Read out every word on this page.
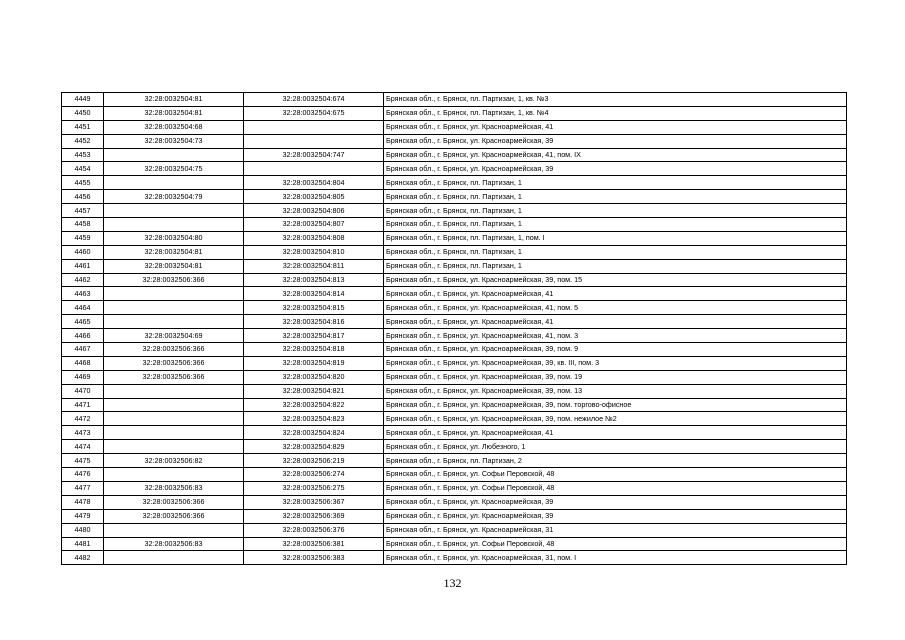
4449	32:28:0032504:81	32:28:0032504:674	Брянская обл., г. Брянск, пл. Партизан, 1, кв. №3
4450	32:28:0032504:81	32:28:0032504:675	Брянская обл., г. Брянск, пл. Партизан, 1, кв. №4
4451	32:28:0032504:68		Брянская обл., г. Брянск, ул. Красноармейская, 41
4452	32:28:0032504:73		Брянская обл., г. Брянск, ул. Красноармейская, 39
4453		32:28:0032504:747	Брянская обл., г. Брянск, ул. Красноармейская, 41, пом. IX
4454	32:28:0032504:75		Брянская обл., г. Брянск, ул. Красноармейская, 39
4455		32:28:0032504:804	Брянская обл., г. Брянск, пл. Партизан, 1
4456	32:28:0032504:79	32:28:0032504:805	Брянская обл., г. Брянск, пл. Партизан, 1
4457		32:28:0032504:806	Брянская обл., г. Брянск, пл. Партизан, 1
4458		32:28:0032504:807	Брянская обл., г. Брянск, пл. Партизан, 1
4459	32:28:0032504:80	32:28:0032504:808	Брянская обл., г. Брянск, пл. Партизан, 1, пом. I
4460	32:28:0032504:81	32:28:0032504:810	Брянская обл., г. Брянск, пл. Партизан, 1
4461	32:28:0032504:81	32:28:0032504:811	Брянская обл., г. Брянск, пл. Партизан, 1
4462	32:28:0032506:366	32:28:0032504:813	Брянская обл., г. Брянск, ул. Красноармейская, 39, пом. 15
4463		32:28:0032504:814	Брянская обл., г. Брянск, ул. Красноармейская, 41
4464		32:28:0032504:815	Брянская обл., г. Брянск, ул. Красноармейская, 41, пом. 5
4465		32:28:0032504:816	Брянская обл., г. Брянск, ул. Красноармейская, 41
4466	32:28:0032504:69	32:28:0032504:817	Брянская обл., г. Брянск, ул. Красноармейская, 41, пом. 3
4467	32:28:0032506:366	32:28:0032504:818	Брянская обл., г. Брянск, ул. Красноармейская, 39, пом. 9
4468	32:28:0032506:366	32:28:0032504:819	Брянская обл., г. Брянск, ул. Красноармейская, 39, кв. III, пом. 3
4469	32:28:0032506:366	32:28:0032504:820	Брянская обл., г. Брянск, ул. Красноармейская, 39, пом. 19
4470		32:28:0032504:821	Брянская обл., г. Брянск, ул. Красноармейская, 39, пом. 13
4471		32:28:0032504:822	Брянская обл., г. Брянск, ул. Красноармейская, 39, пом. торгово-офисное
4472		32:28:0032504:823	Брянская обл., г. Брянск, ул. Красноармейская, 39, пом. нежилое №2
4473		32:28:0032504:824	Брянская обл., г. Брянск, ул. Красноармейская, 41
4474		32:28:0032504:829	Брянская обл., г. Брянск, ул. Любезного, 1
4475	32:28:0032506:82	32:28:0032506:219	Брянская обл., г. Брянск, пл. Партизан, 2
4476		32:28:0032506:274	Брянская обл., г. Брянск, ул. Софьи Перовской, 48
4477	32:28:0032506:83	32:28:0032506:275	Брянская обл., г. Брянск, ул. Софьи Перовской, 48
4478	32:28:0032506:366	32:28:0032506:367	Брянская обл., г. Брянск, ул. Красноармейская, 39
4479	32:28:0032506:366	32:28:0032506:369	Брянская обл., г. Брянск, ул. Красноармейская, 39
4480		32:28:0032506:376	Брянская обл., г. Брянск, ул. Красноармейская, 31
4481	32:28:0032506:83	32:28:0032506:381	Брянская обл., г. Брянск, ул. Софьи Перовской, 48
4482		32:28:0032506:383	Брянская обл., г. Брянск, ул. Красноармейская, 31, пом. I
132
